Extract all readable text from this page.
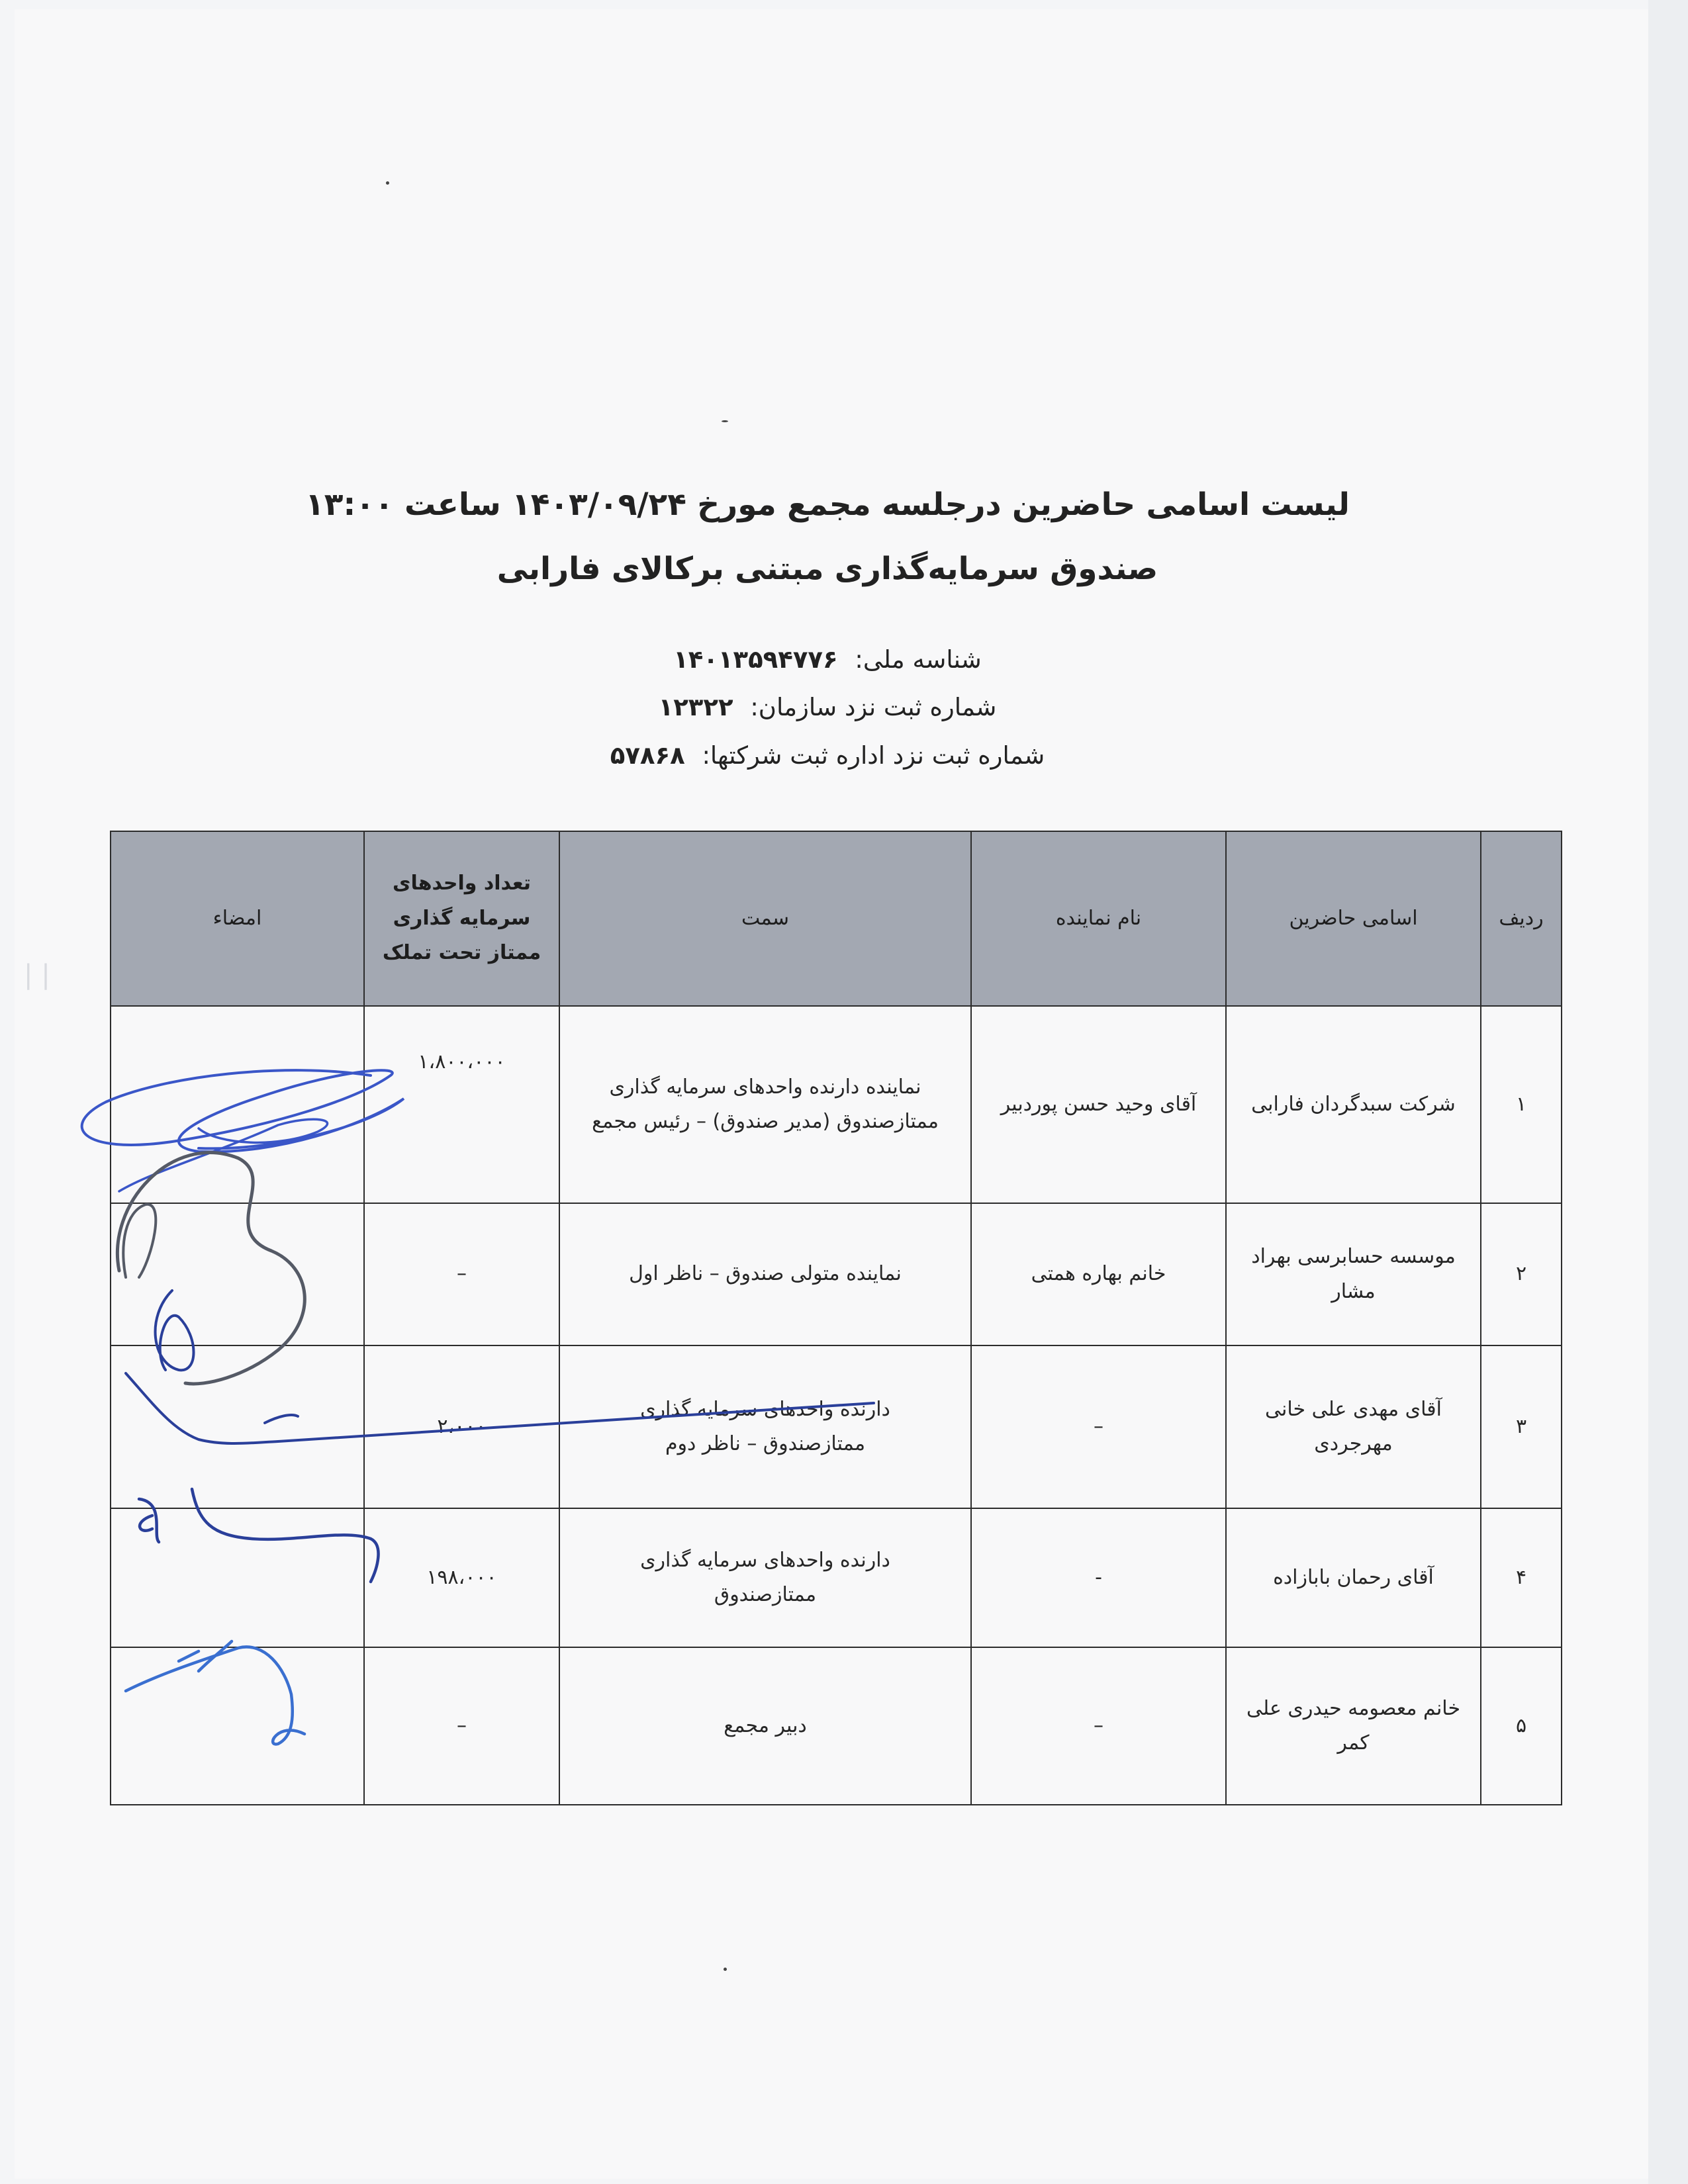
| |
لیست اسامی حاضرین درجلسه مجمع مورخ ۱۴۰۳/۰۹/۲۴ ساعت ۱۳:۰۰
صندوق سرمایه‌گذاری مبتنی برکالای فارابی
شناسه ملی: ۱۴۰۱۳۵۹۴۷۷۶
شماره ثبت نزد سازمان: ۱۲۳۲۲
شماره ثبت نزد اداره ثبت شرکتها: ۵۷۸۶۸
ردیف	اسامی حاضرین	نام نماینده	سمت	تعداد واحدهای
سرمایه گذاری
ممتاز تحت تملک	امضاء
۱	شرکت سبدگردان فارابی	آقای وحید حسن پوردبیر	نماینده دارنده واحدهای سرمایه گذاری
ممتازصندوق (مدیر صندوق) – رئیس مجمع	۱،۸۰۰،۰۰۰	
۲	موسسه حسابرسی بهراد مشار	خانم بهاره همتی	نماینده متولی صندوق – ناظر اول	–	
۳	آقای مهدی علی خانی مهرجردی	–	دارنده واحدهای سرمایه گذاری
ممتازصندوق – ناظر دوم	۲،۰۰۰	
۴	آقای رحمان بابازاده	-	دارنده واحدهای سرمایه گذاری
ممتازصندوق	۱۹۸،۰۰۰	
۵	خانم معصومه حیدری علی کمر	–	دبیر مجمع	–	
